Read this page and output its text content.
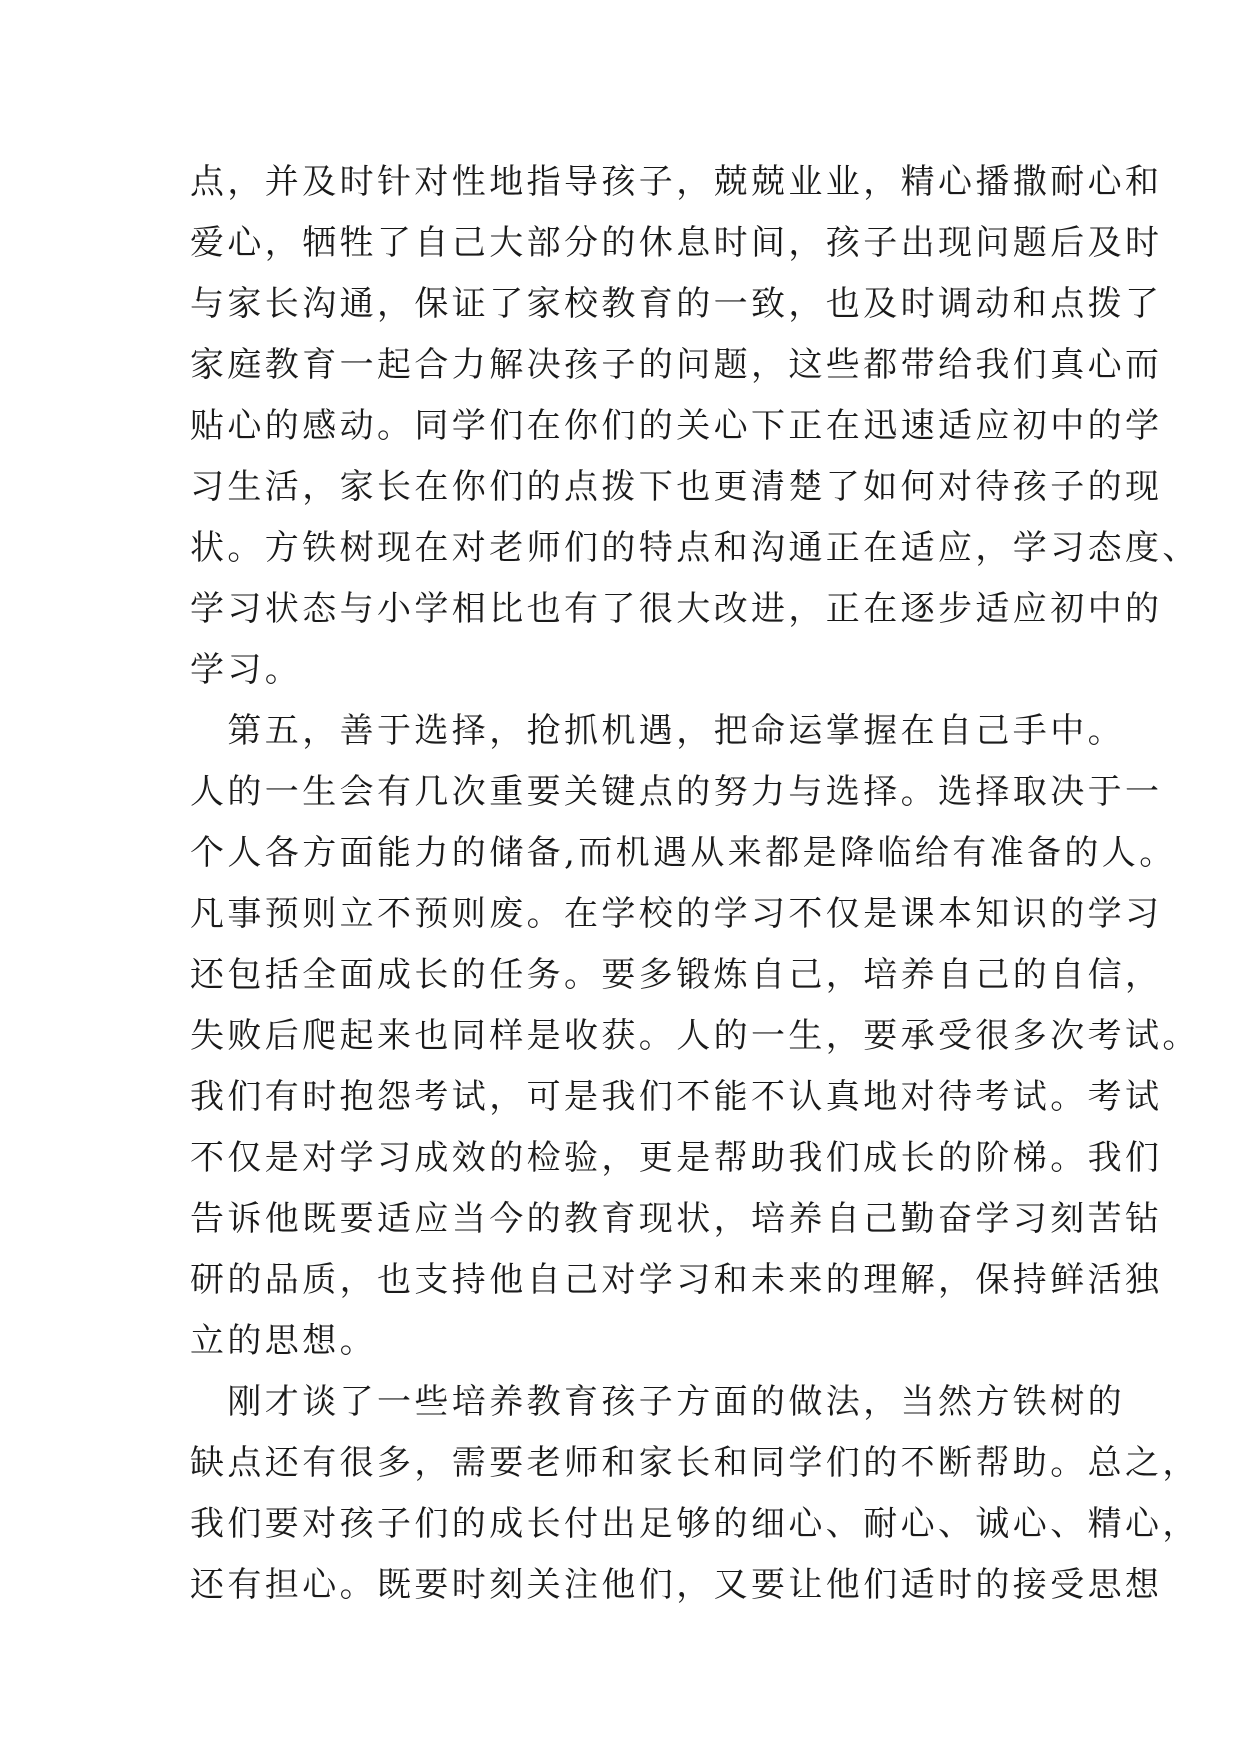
点，并及时针对性地指导孩子，兢兢业业，精心播撒耐心和
爱心，牺牲了自己大部分的休息时间，孩子出现问题后及时
与家长沟通，保证了家校教育的一致，也及时调动和点拨了
家庭教育一起合力解决孩子的问题，这些都带给我们真心而
贴心的感动。同学们在你们的关心下正在迅速适应初中的学
习生活，家长在你们的点拨下也更清楚了如何对待孩子的现
状。方铁树现在对老师们的特点和沟通正在适应，学习态度、
学习状态与小学相比也有了很大改进，正在逐步适应初中的
学习。
　第五，善于选择，抢抓机遇，把命运掌握在自己手中。
人的一生会有几次重要关键点的努力与选择。选择取决于一
个人各方面能力的储备,而机遇从来都是降临给有准备的人。
凡事预则立不预则废。在学校的学习不仅是课本知识的学习
还包括全面成长的任务。要多锻炼自己，培养自己的自信，
失败后爬起来也同样是收获。人的一生，要承受很多次考试。
我们有时抱怨考试，可是我们不能不认真地对待考试。考试
不仅是对学习成效的检验，更是帮助我们成长的阶梯。我们
告诉他既要适应当今的教育现状，培养自己勤奋学习刻苦钻
研的品质，也支持他自己对学习和未来的理解，保持鲜活独
立的思想。
　刚才谈了一些培养教育孩子方面的做法，当然方铁树的
缺点还有很多，需要老师和家长和同学们的不断帮助。总之，
我们要对孩子们的成长付出足够的细心、耐心、诚心、精心，
还有担心。既要时刻关注他们，又要让他们适时的接受思想
